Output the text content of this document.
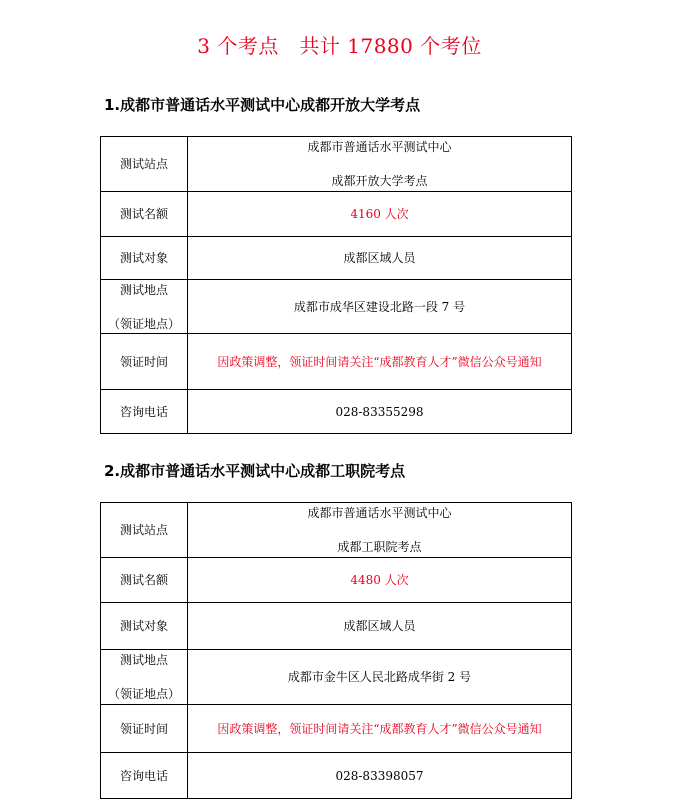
3 个考点   共计 17880 个考位
1.成都市普通话水平测试中心成都开放大学考点
测试站点	成都市普通话水平测试中心
成都开放大学考点

测试名额	4160 人次
测试对象	成都区域人员

测试地点
（领证地点）	成都市成华区建设北路一段 7 号
领证时间	因政策调整，领证时间请关注“成都教育人才”微信公众号通知
咨询电话	028-83355298
2.成都市普通话水平测试中心成都工职院考点
测试站点	成都市普通话水平测试中心
成都工职院考点

测试名额	4480 人次
测试对象	成都区域人员

测试地点
（领证地点）	成都市金牛区人民北路成华街 2 号
领证时间	因政策调整，领证时间请关注“成都教育人才”微信公众号通知
咨询电话	028-83398057
